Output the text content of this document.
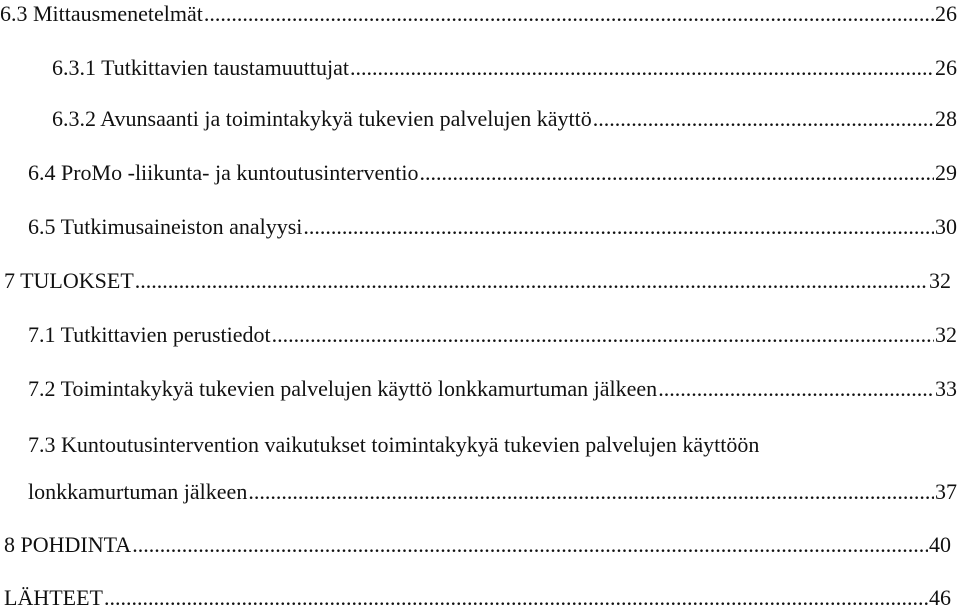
6.3 Mittausmenetelmät .....	26
6.3.1 Tutkittavien taustamuuttujat .....	26
6.3.2 Avunsaanti ja toimintakykyä tukevien palvelujen käyttö .....	28
6.4 ProMo -liikunta- ja kuntoutusinterventio .....	29
6.5 Tutkimusaineiston analyysi .....	30
7 TULOKSET .....	32
7.1 Tutkittavien perustiedot .....	32
7.2 Toimintakykyä tukevien palvelujen käyttö lonkkamurtuman jälkeen .....	33
7.3 Kuntoutusintervention vaikutukset toimintakykyä tukevien palvelujen käyttöön
lonkkamurtuman jälkeen .....	37
8 POHDINTA .....	40
LÄHTEET .....	46
